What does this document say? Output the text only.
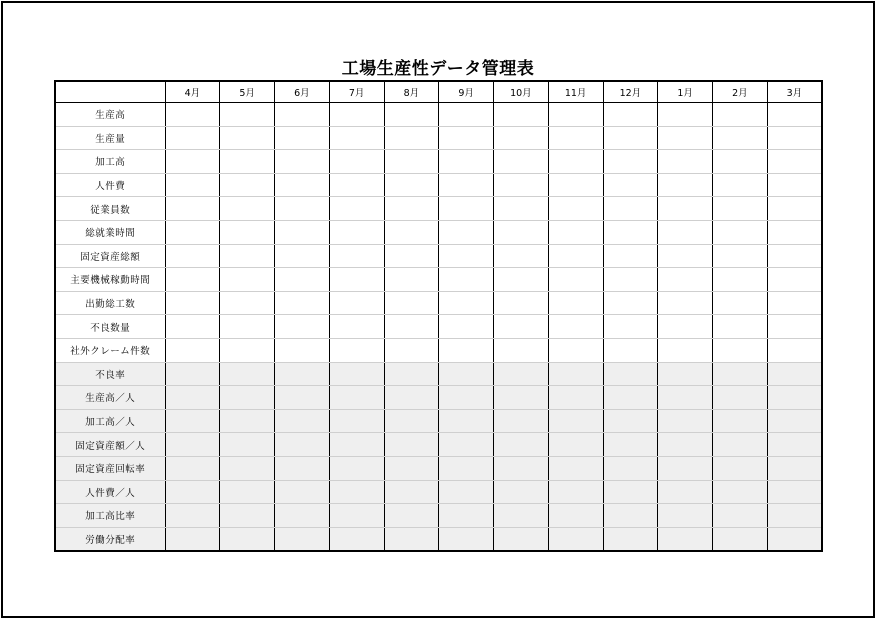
工場生産性データ管理表
	4月	5月	6月	7月	8月	9月	10月	11月	12月	1月	2月	3月
生産高												
生産量												
加工高												
人件費												
従業員数												
総就業時間												
固定資産総額												
主要機械稼動時間												
出勤総工数												
不良数量												
社外クレーム件数												
不良率												
生産高／人												
加工高／人												
固定資産額／人												
固定資産回転率												
人件費／人												
加工高比率												
労働分配率												
